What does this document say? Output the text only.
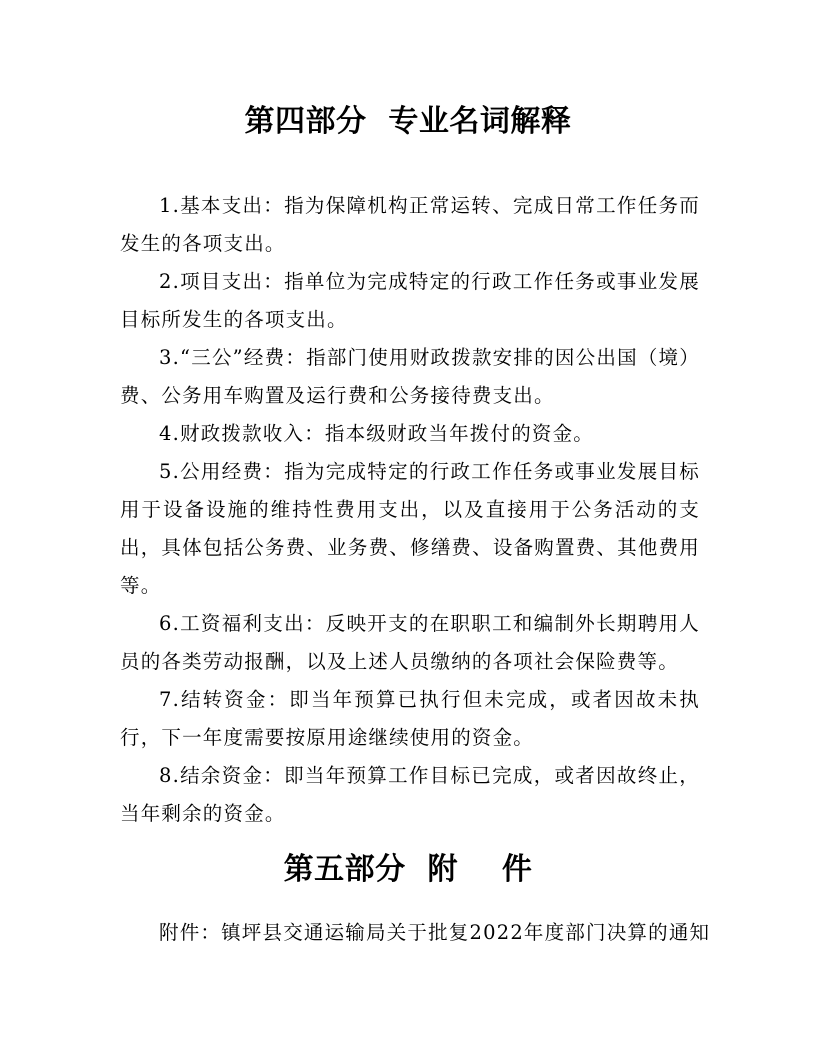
第四部分  专业名词解释

1.基本支出：指为保障机构正常运转、完成日常工作任务而发生的各项支出。

2.项目支出：指单位为完成特定的行政工作任务或事业发展目标所发生的各项支出。

3.“三公”经费：指部门使用财政拨款安排的因公出国（境）费、公务用车购置及运行费和公务接待费支出。

4.财政拨款收入：指本级财政当年拨付的资金。

5.公用经费：指为完成特定的行政工作任务或事业发展目标用于设备设施的维持性费用支出，以及直接用于公务活动的支出，具体包括公务费、业务费、修缮费、设备购置费、其他费用等。

6.工资福利支出：反映开支的在职职工和编制外长期聘用人员的各类劳动报酬，以及上述人员缴纳的各项社会保险费等。

7.结转资金：即当年预算已执行但未完成，或者因故未执行，下一年度需要按原用途继续使用的资金。

8.结余资金：即当年预算工作目标已完成，或者因故终止，当年剩余的资金。

第五部分  附    件
附件：镇坪县交通运输局关于批复2022年度部门决算的通知
